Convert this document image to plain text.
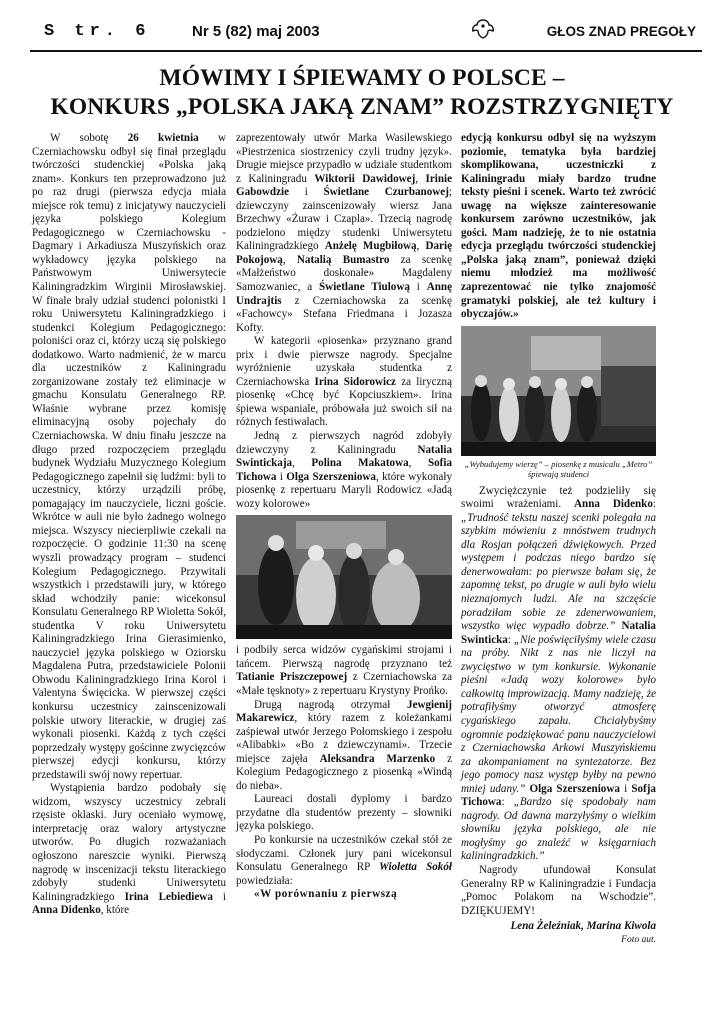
S tr. 6	Nr 5 (82) maj 2003	GŁOS ZNAD PREGOŁY
MÓWIMY I ŚPIEWAMY O POLSCE –
KONKURS „POLSKA JAKĄ ZNAM” ROZSTRZYGNIĘTY

W sobotę 26 kwietnia w Czerniachowsku odbył się finał przeglądu twórczości studenckiej «Polska jaką znam». Konkurs ten przeprowadzono już po raz drugi (pierwsza edycja miała miejsce rok temu) z inicjatywy nauczycieli języka polskiego Kolegium Pedagogicznego w Czerniachowsku - Dagmary i Arkadiusza Muszyńskich oraz wykładowcy języka polskiego na Państwowym Uniwersytecie Kaliningradzkim Wirginii Mirosławskiej. W finale brały udział studenci polonistki I roku Uniwersytetu Kaliningradzkiego i studenkci Kolegium Pedagogicznego: poloniści oraz ci, którzy uczą się polskiego dodatkowo. Warto nadmienić, że w marcu dla uczestników z Kaliningradu zorganizowane zostały też eliminacje w gmachu Konsulatu Generalnego RP. Właśnie wybrane przez komisję eliminacyjną osoby pojechały do Czerniachowska. W dniu finału jeszcze na długo przed rozpoczęciem przeglądu budynek Wydziału Muzycznego Kolegium Pedagogicznego zapełnił się ludźmi: byli to uczestnicy, którzy urządzili próbę, pomagający im nauczyciele, liczni goście. Wkrótce w auli nie było żadnego wolnego miejsca. Wszyscy niecierpliwie czekali na rozpoczęcie. O godzinie 11:30 na scenę wyszli prowadzący program – studenci Kolegium Pedagogicznego. Przywitali wszystkich i przedstawili jury, w którego skład wchodziły panie: wicekonsul Konsulatu Generalnego RP Wioletta Sokół, studentka V roku Uniwersytetu Kaliningradzkiego Irina Gierasimienko, nauczyciel języka polskiego w Oziorsku Magdalena Putra, przedstawiciele Polonii Obwodu Kaliningradzkiego Irina Korol i Valentyna Święcicka. W pierwszej części konkursu uczestnicy zainscenizowali polskie utwory literackie, w drugiej zaś wykonali piosenki. Każdą z tych części poprzedzały występy gościnne zwycięzców pierwszej edycji konkursu, którzy przedstawili swój nowy repertuar.

Wystąpienia bardzo podobały się widzom, wszyscy uczestnicy zebrali rzęsiste oklaski. Jury oceniało wymowę, interpretację oraz walory artystyczne utworów. Po długich rozważaniach ogłoszono nareszcie wyniki. Pierwszą nagrodę w inscenizacji tekstu literackiego zdobyły studenki Uniwersytetu Kaliningradzkiego Irina Lebiediewa i Anna Didenko, które

zaprezentowały utwór Marka Wasilewskiego «Piestrzenica siostrzenicy czyli trudny język». Drugie miejsce przypadło w udziale studentkom z Kaliningradu Wiktorii Dawidowej, Irinie Gabowdzie i Świetlane Czurbanowej; dziewczyny zainscenizowały wiersz Jana Brzechwy «Żuraw i Czapla». Trzecią nagrodę podzielono między studenki Uniwersytetu Kaliningradzkiego Anżelę Mugbiłową, Darię Pokojową, Natalią Bumastro za scenkę «Małżeństwo doskonałe» Magdaleny Samozwaniec, a Świetlane Tiulową i Annę Undrajtis z Czerniachowska za scenkę «Fachowcy» Stefana Friedmana i Jozasza Kofty.

W kategorii «piosenka» przyznano grand prix i dwie pierwsze nagrody. Specjalne wyróżnienie uzyskała studentka z Czerniachowska Irina Sidorowicz za liryczną piosenkę «Chcę być Kopciuszkiem». Irina śpiewa wspaniale, próbowała już swoich sił na różnych festiwalach.

Jedną z pierwszych nagród zdobyły dziewczyny z Kaliningradu Natalia Swintickaja, Polina Makatowa, Sofia Tichowa i Olga Szerszeniowa, które wykonały piosenkę z repertuaru Maryli Rodowicz «Jadą wozy kolorowe»

i podbiły serca widzów cygańskimi strojami i tańcem. Pierwszą nagrodę przyznano też Tatianie Priszczepowej z Czerniachowska za «Małe tęsknoty» z repertuaru Krystyny Prońko.

Drugą nagrodą otrzymał Jewgienij Makarewicz, który razem z koleżankami zaśpiewał utwór Jerzego Połomskiego i zespołu «Alibabki» «Bo z dziewczynami». Trzecie miejsce zajęła Aleksandra Marzenko z Kolegium Pedagogicznego z piosenką «Windą do nieba».

Laureaci dostali dyplomy i bardzo przydatne dla studentów prezenty – słowniki języka polskiego.

Po konkursie na uczestników czekał stół ze słodyczami. Członek jury pani wicekonsul Konsulatu Generalnego RP Wioletta Sokół powiedziała:

«W porównaniu z pierwszą

edycją konkursu odbył się na wyższym poziomie, tematyka była bardziej skomplikowana, uczestniczki z Kaliningradu miały bardzo trudne teksty pieśni i scenek. Warto też zwrócić uwagę na większe zainteresowanie konkursem zarówno uczestników, jak gości. Mam nadzieję, że to nie ostatnia edycja przeglądu twórczości studenckiej „Polska jaką znam”, ponieważ dzięki niemu młodzież ma możliwość zaprezentować nie tylko znajomość gramatyki polskiej, ale też kultury i obyczajów.»

„Wybudujemy wierzę” – piosenkę z musicalu „Metro” śpiewają studenci

Zwyciężczynie też podzieliły się swoimi wrażeniami. Anna Didenko: „Trudność tekstu naszej scenki polegała na szybkim mówieniu z mnóstwem trudnych dla Rosjan połączeń dźwiękowych. Przed występem i podczas niego bardzo się denerwowałam: po pierwsze bałam się, że zapomnę tekst, po drugie w auli było wielu nieznajomych ludzi. Ale na szczęście poradziłam sobie ze zdenerwowaniem, wszystko więc wypadło dobrze.” Natalia Swinticka: „Nie poświęciłyśmy wiele czasu na próby. Nikt z nas nie liczył na zwycięstwo w tym konkursie. Wykonanie pieśni «Jadą wozy kolorowe» było całkowitą improwizacją. Mamy nadzieję, że potrafiłyśmy otworzyć atmosferę cygańskiego zapału. Chciałybyśmy ogromnie podziękować panu nauczycielowi z Czerniachowska Arkowi Muszyńskiemu za akompaniament na syntezatorze. Bez jego pomocy nasz występ byłby na pewno mniej udany.” Olga Szerszeniowa i Sofja Tichowa: „Bardzo się spodobały nam nagrody. Od dawna marzyłyśmy o wielkim słowniku języka polskiego, ale nie mogłyśmy go znaleźć w księgarniach kaliningradzkich.”

Nagrody ufundował Konsulat Generalny RP w Kaliningradzie i Fundacja „Pomoc Polakom na Wschodzie”. DZIĘKUJEMY!

Lena Żeleźniak, Marina Kiwola
Foto aut.
